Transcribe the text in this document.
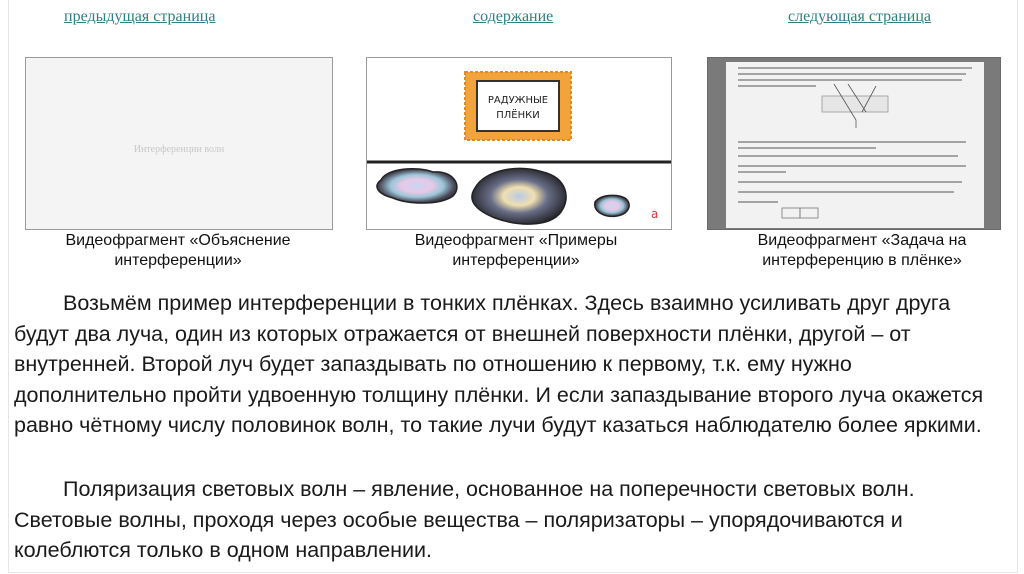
предыдущая страница	содержание	следующая страница
Интерференции волн
Видеофрагмент «Объяснение интерференции»
РАДУЖНЫЕ
ПЛЁНКИ
a
Видеофрагмент «Примеры интерференции»
Видеофрагмент «Задача на интерференцию в плёнке»

Возьмём пример интерференции в тонких плёнках. Здесь взаимно усиливать друг друга будут два луча, один из которых отражается от внешней поверхности плёнки, другой – от внутренней. Второй луч будет запаздывать по отношению к первому, т.к. ему нужно дополнительно пройти удвоенную толщину плёнки. И если запаздывание второго луча окажется равно чётному числу половинок волн, то такие лучи будут казаться наблюдателю более яркими.

Поляризация световых волн – явление, основанное на поперечности световых волн. Световые волны, проходя через особые вещества – поляризаторы – упорядочиваются и колеблются только в одном направлении.
